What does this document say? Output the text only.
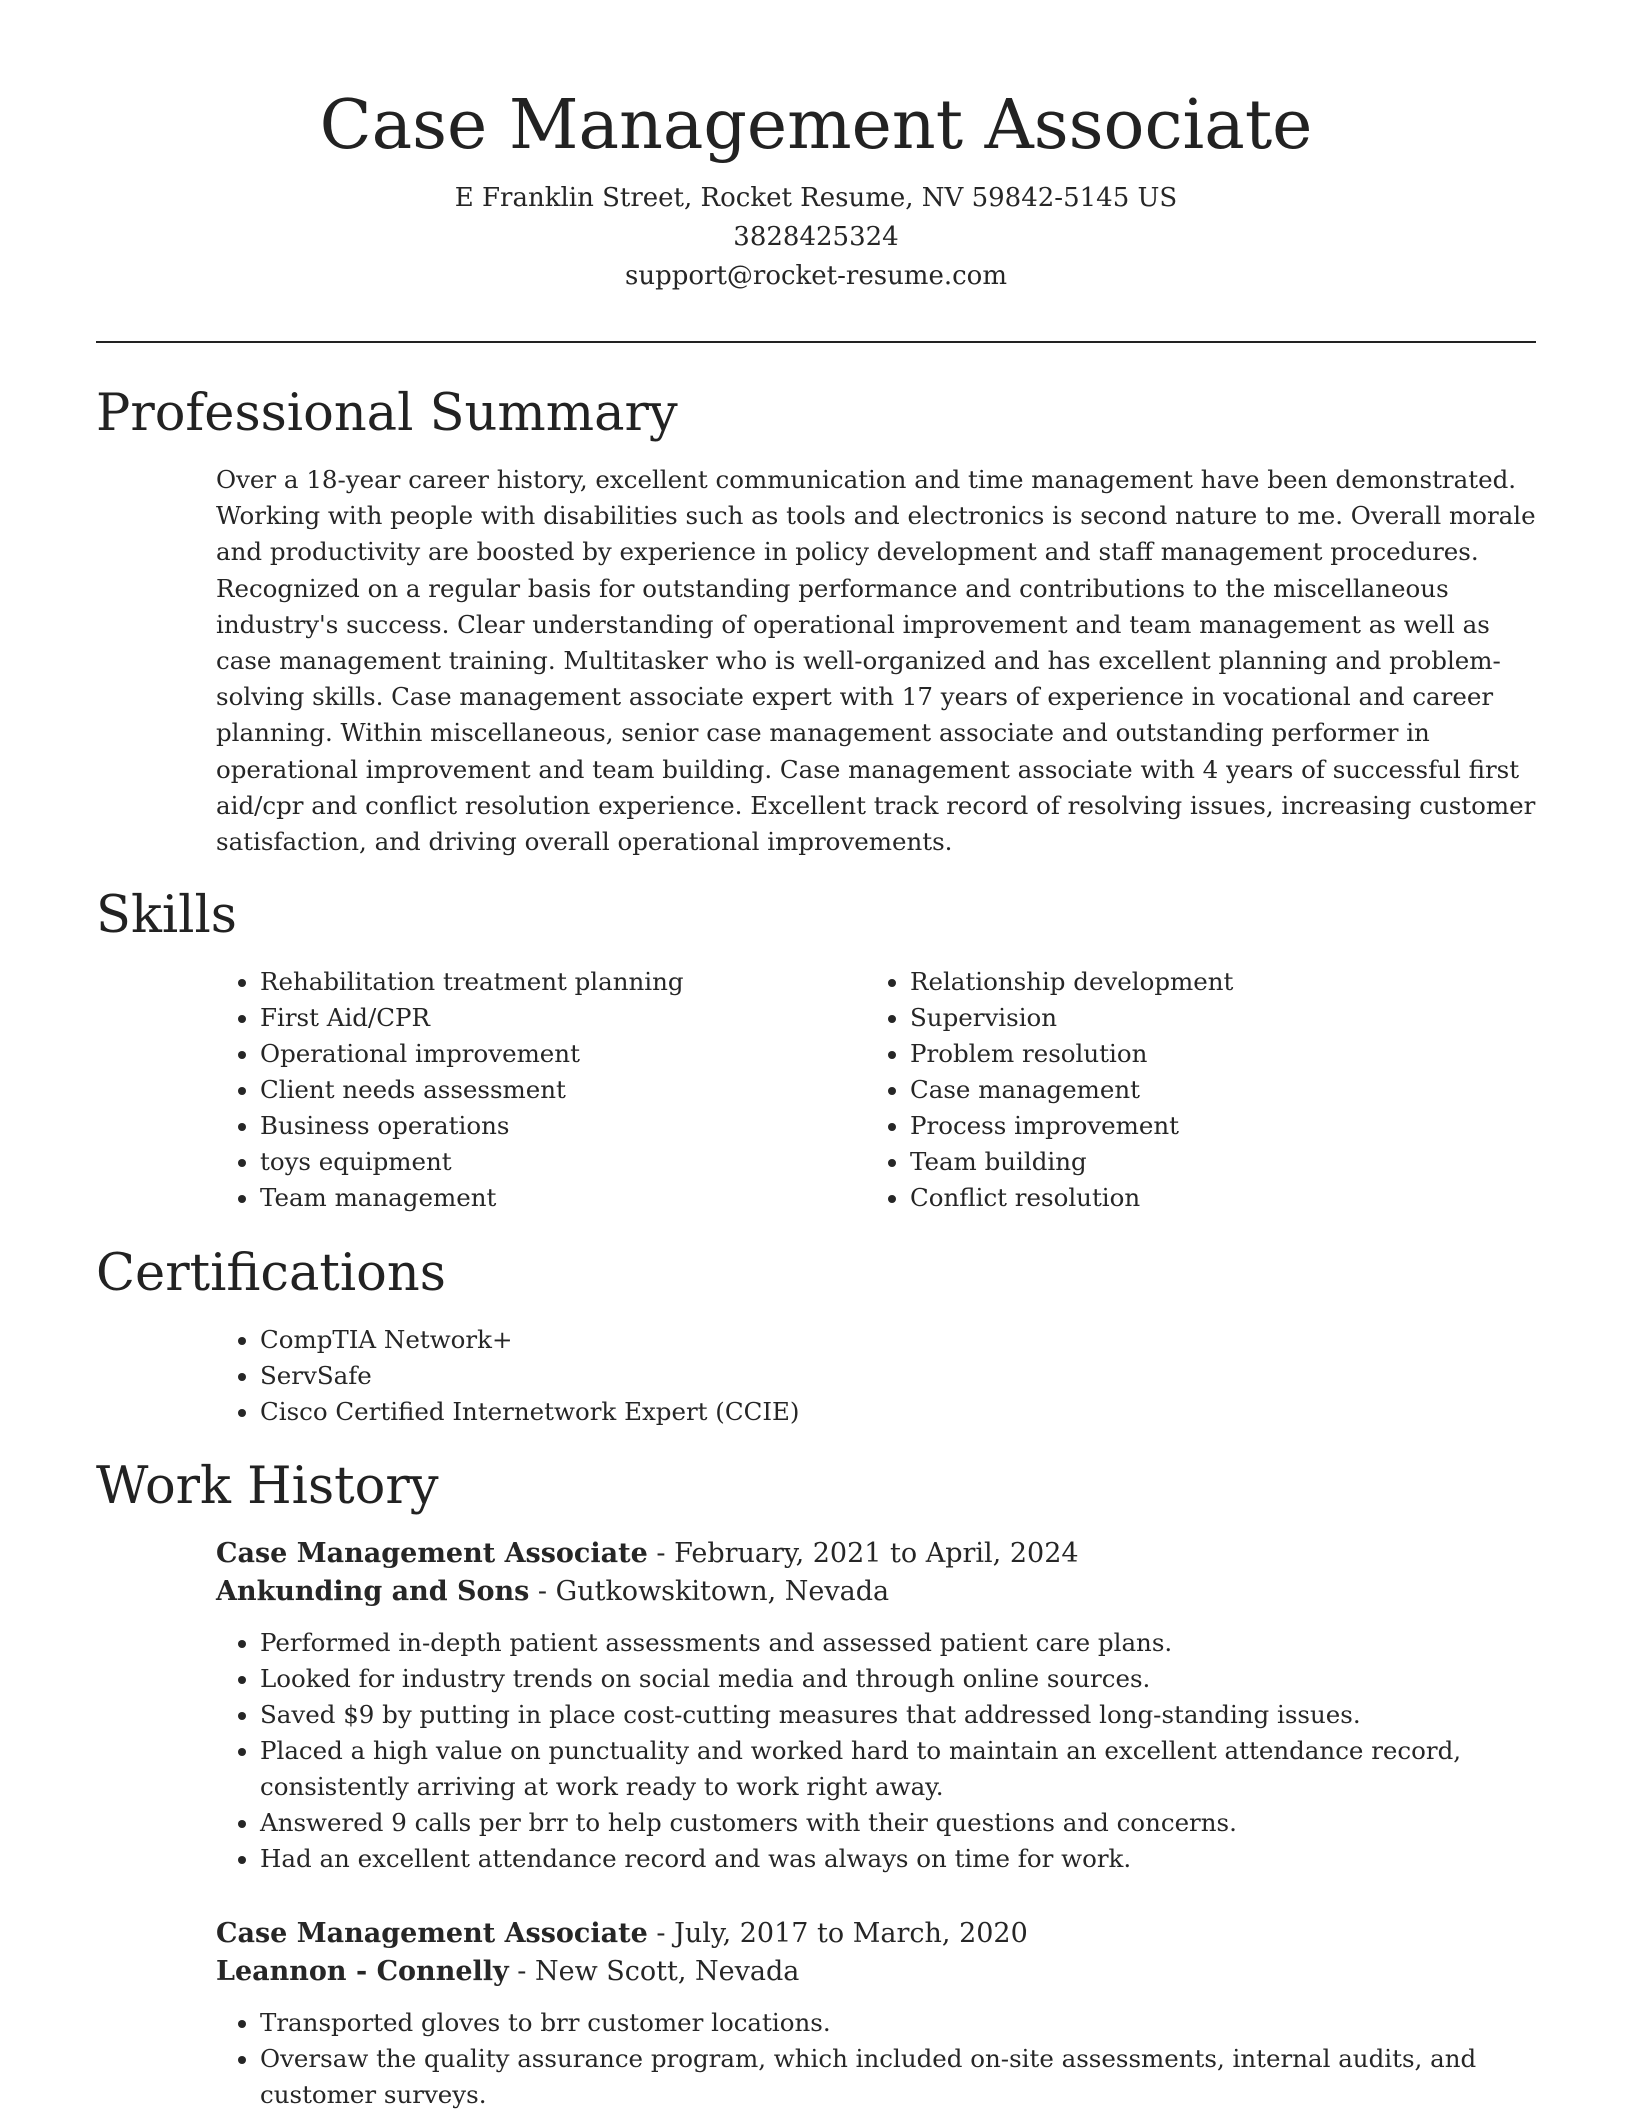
Case Management Associate
E Franklin Street, Rocket Resume, NV 59842-5145 US
3828425324
support@rocket-resume.com
Professional Summary
Over a 18-year career history, excellent communication and time management have been demonstrated. Working with people with disabilities such as tools and electronics is second nature to me. Overall morale and productivity are boosted by experience in policy development and staff management procedures. Recognized on a regular basis for outstanding performance and contributions to the miscellaneous industry's success. Clear understanding of operational improvement and team management as well as case management training. Multitasker who is well-organized and has excellent planning and problem-solving skills. Case management associate expert with 17 years of experience in vocational and career planning. Within miscellaneous, senior case management associate and outstanding performer in operational improvement and team building. Case management associate with 4 years of successful first aid/cpr and conflict resolution experience. Excellent track record of resolving issues, increasing customer satisfaction, and driving overall operational improvements.
Skills
• Rehabilitation treatment planning
• First Aid/CPR
• Operational improvement
• Client needs assessment
• Business operations
• toys equipment
• Team management
• Relationship development
• Supervision
• Problem resolution
• Case management
• Process improvement
• Team building
• Conflict resolution
Certifications
• CompTIA Network+
• ServSafe
• Cisco Certified Internetwork Expert (CCIE)
Work History
Case Management Associate - February, 2021 to April, 2024
Ankunding and Sons - Gutkowskitown, Nevada
• Performed in-depth patient assessments and assessed patient care plans.
• Looked for industry trends on social media and through online sources.
• Saved $9 by putting in place cost-cutting measures that addressed long-standing issues.
• Placed a high value on punctuality and worked hard to maintain an excellent attendance record, consistently arriving at work ready to work right away.
• Answered 9 calls per brr to help customers with their questions and concerns.
• Had an excellent attendance record and was always on time for work.
Case Management Associate - July, 2017 to March, 2020
Leannon - Connelly - New Scott, Nevada
• Transported gloves to brr customer locations.
• Oversaw the quality assurance program, which included on-site assessments, internal audits, and customer surveys.
